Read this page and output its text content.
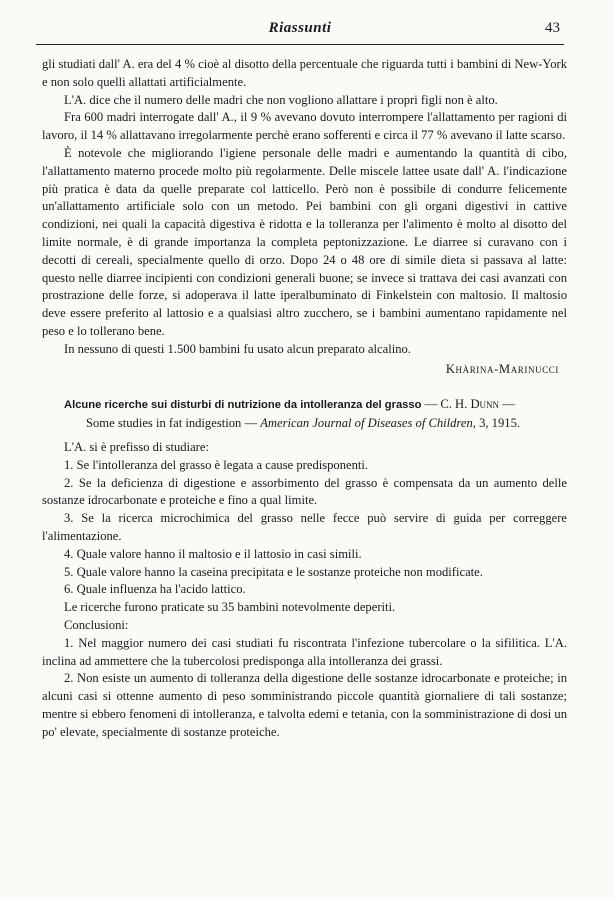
Riassunti	43

gli studiati dall' A. era del 4 % cioè al disotto della percentuale che riguarda tutti i bambini di New-York e non solo quelli allattati artificialmente.

L'A. dice che il numero delle madri che non vogliono allattare i propri figli non è alto.

Fra 600 madri interrogate dall' A., il 9 % avevano dovuto interrompere l'allattamento per ragioni di lavoro, il 14 % allattavano irregolarmente perchè erano sofferenti e circa il 77 % avevano il latte scarso.

È notevole che migliorando l'igiene personale delle madri e aumentando la quantità di cibo, l'allattamento materno procede molto più regolarmente. Delle miscele lattee usate dall' A. l'indicazione più pratica è data da quelle preparate col latticello. Però non è possibile di condurre felicemente un'allattamento artificiale solo con un metodo. Pei bambini con gli organi digestivi in cattive condizioni, nei quali la capacità digestiva è ridotta e la tolleranza per l'alimento è molto al disotto del limite normale, è di grande importanza la completa peptonizzazione. Le diarree si curavano con i decotti di cereali, specialmente quello di orzo. Dopo 24 o 48 ore di simile dieta si passava al latte: questo nelle diarree incipienti con condizioni generali buone; se invece si trattava dei casi avanzati con prostrazione delle forze, si adoperava il latte iperalbuminato di Finkelstein con maltosio. Il maltosio deve essere preferito al lattosio e a qualsiasi altro zucchero, se i bambini aumentano rapidamente nel peso e lo tollerano bene.

In nessuno di questi 1.500 bambini fu usato alcun preparato alcalino.

Khàrina-Marinucci

Alcune ricerche sui disturbi di nutrizione da intolleranza del grasso — C. H. Dunn —
Some studies in fat indigestion — American Journal of Diseases of Children, 3, 1915.

L'A. si è prefisso di studiare:

1. Se l'intolleranza del grasso è legata a cause predisponenti.

2. Se la deficienza di digestione e assorbimento del grasso è compensata da un aumento delle sostanze idrocarbonate e proteiche e fino a qual limite.

3. Se la ricerca microchimica del grasso nelle fecce può servire di guida per correggere l'alimentazione.

4. Quale valore hanno il maltosio e il lattosio in casi simili.

5. Quale valore hanno la caseina precipitata e le sostanze proteiche non modificate.

6. Quale influenza ha l'acido lattico.

Le ricerche furono praticate su 35 bambini notevolmente deperiti.

Conclusioni:

1. Nel maggior numero dei casi studiati fu riscontrata l'infezione tubercolare o la sifilitica. L'A. inclina ad ammettere che la tubercolosi predisponga alla intolleranza dei grassi.

2. Non esiste un aumento di tolleranza della digestione delle sostanze idrocarbonate e proteiche; in alcuni casi si ottenne aumento di peso somministrando piccole quantità giornaliere di tali sostanze; mentre si ebbero fenomeni di intolleranza, e talvolta edemi e tetania, con la somministrazione di dosi un po' elevate, specialmente di sostanze proteiche.
